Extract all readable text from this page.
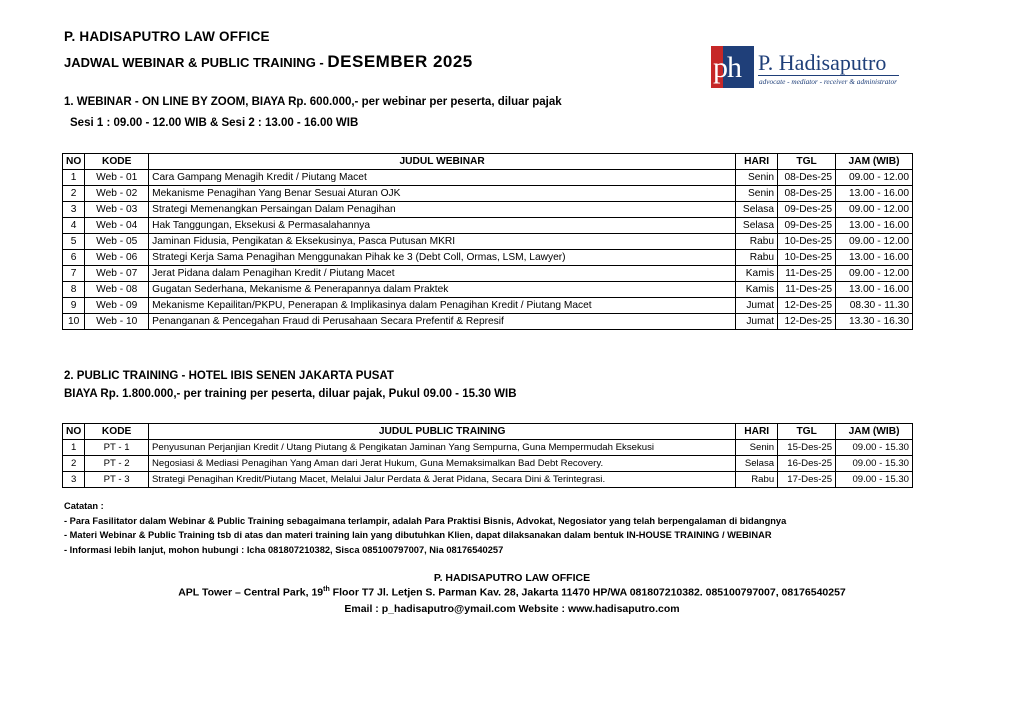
P. HADISAPUTRO LAW OFFICE
JADWAL WEBINAR & PUBLIC TRAINING - DESEMBER 2025	ph P. Hadisaputro
advocate - mediator - receiver & administrator
1. WEBINAR - ON LINE BY ZOOM, BIAYA Rp. 600.000,- per webinar per peserta, diluar pajak
Sesi 1 : 09.00 - 12.00 WIB & Sesi 2 : 13.00 - 16.00 WIB
NO	KODE	JUDUL WEBINAR	HARI	TGL	JAM (WIB)
1	Web - 01	Cara Gampang Menagih Kredit / Piutang Macet	Senin	08-Des-25	09.00 - 12.00
2	Web - 02	Mekanisme Penagihan Yang Benar Sesuai Aturan OJK	Senin	08-Des-25	13.00 - 16.00
3	Web - 03	Strategi Memenangkan Persaingan Dalam Penagihan	Selasa	09-Des-25	09.00 - 12.00
4	Web - 04	Hak Tanggungan, Eksekusi & Permasalahannya	Selasa	09-Des-25	13.00 - 16.00
5	Web - 05	Jaminan Fidusia, Pengikatan & Eksekusinya, Pasca Putusan MKRI	Rabu	10-Des-25	09.00 - 12.00
6	Web - 06	Strategi Kerja Sama Penagihan Menggunakan Pihak ke 3 (Debt Coll, Ormas, LSM, Lawyer)	Rabu	10-Des-25	13.00 - 16.00
7	Web - 07	Jerat Pidana dalam Penagihan Kredit / Piutang Macet	Kamis	11-Des-25	09.00 - 12.00
8	Web - 08	Gugatan Sederhana, Mekanisme & Penerapannya dalam Praktek	Kamis	11-Des-25	13.00 - 16.00
9	Web - 09	Mekanisme Kepailitan/PKPU, Penerapan & Implikasinya dalam Penagihan Kredit / Piutang Macet	Jumat	12-Des-25	08.30 - 11.30
10	Web - 10	Penanganan & Pencegahan Fraud di Perusahaan Secara Prefentif & Represif	Jumat	12-Des-25	13.30 - 16.30
2. PUBLIC TRAINING - HOTEL IBIS SENEN JAKARTA PUSAT
BIAYA Rp. 1.800.000,- per training per peserta, diluar pajak, Pukul 09.00 - 15.30 WIB
NO	KODE	JUDUL PUBLIC TRAINING	HARI	TGL	JAM (WIB)
1	PT - 1	Penyusunan Perjanjian Kredit / Utang Piutang & Pengikatan Jaminan Yang Sempurna, Guna Mempermudah Eksekusi	Senin	15-Des-25	09.00 - 15.30
2	PT - 2	Negosiasi & Mediasi Penagihan Yang Aman dari Jerat Hukum, Guna Memaksimalkan Bad Debt Recovery.	Selasa	16-Des-25	09.00 - 15.30
3	PT - 3	Strategi Penagihan Kredit/Piutang Macet, Melalui Jalur Perdata & Jerat Pidana, Secara Dini & Terintegrasi.	Rabu	17-Des-25	09.00 - 15.30
Catatan :
- Para Fasilitator dalam Webinar & Public Training sebagaimana terlampir, adalah Para Praktisi Bisnis, Advokat, Negosiator yang telah berpengalaman di bidangnya
- Materi Webinar & Public Training tsb di atas dan materi training lain yang dibutuhkan Klien, dapat dilaksanakan dalam bentuk IN-HOUSE TRAINING / WEBINAR
- Informasi lebih lanjut, mohon hubungi : Icha 081807210382, Sisca 085100797007, Nia 08176540257
P. HADISAPUTRO LAW OFFICE
APL Tower – Central Park, 19th Floor T7 Jl. Letjen S. Parman Kav. 28, Jakarta 11470 HP/WA 081807210382. 085100797007, 08176540257
Email : p_hadisaputro@ymail.com Website : www.hadisaputro.com
